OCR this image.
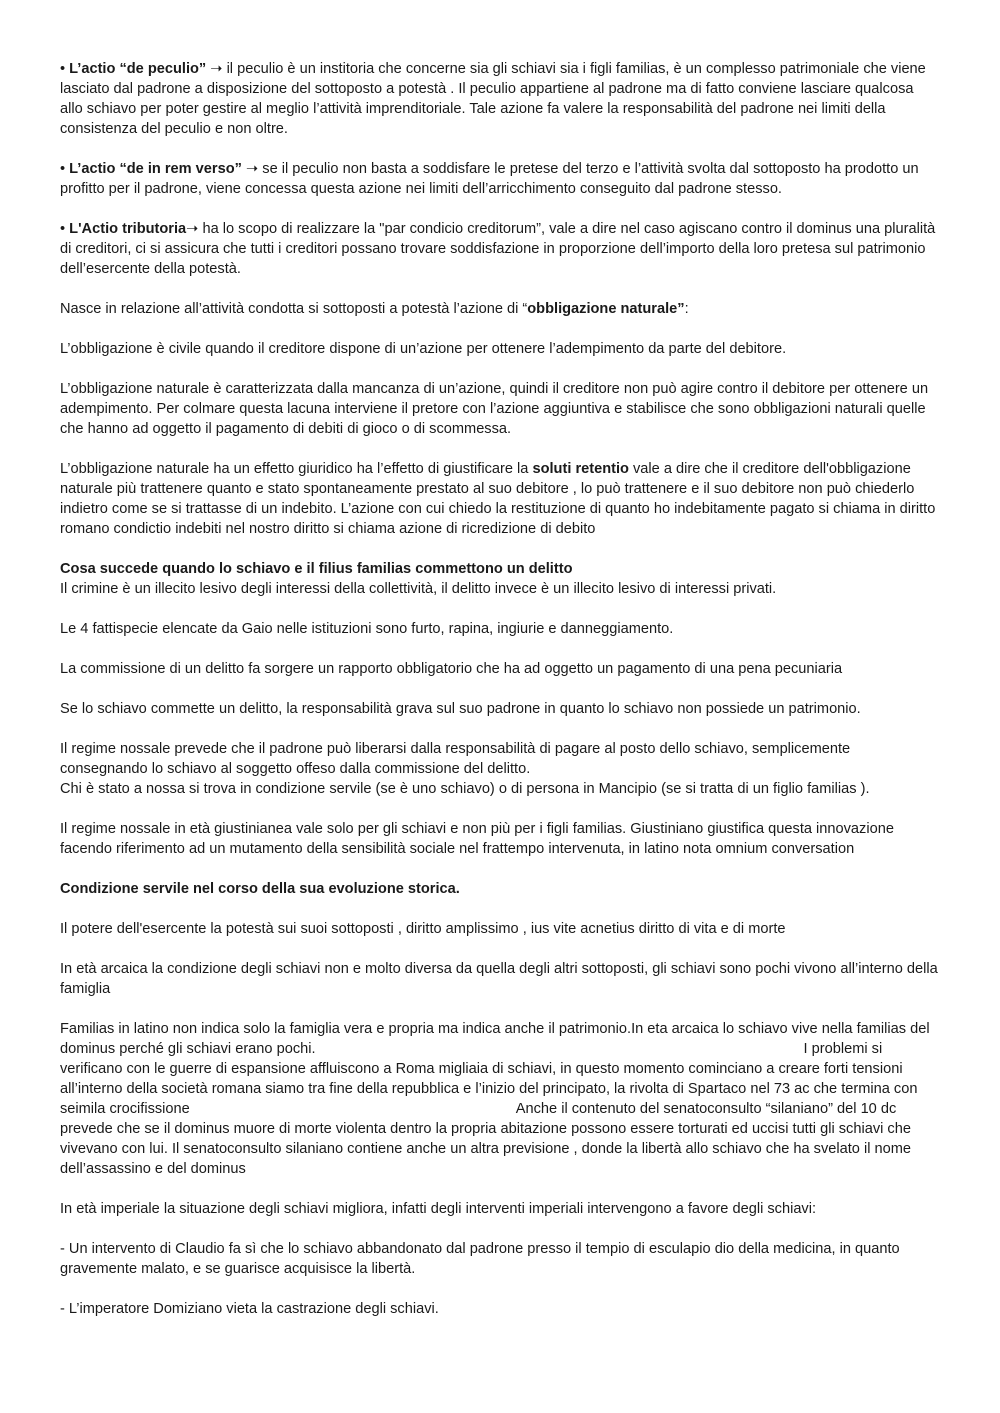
• L’actio “de peculio” ➝ il peculio è un institoria che concerne sia gli schiavi sia i figli familias, è un complesso patrimoniale che viene lasciato dal padrone a disposizione del sottoposto a potestà . Il peculio appartiene al padrone ma di fatto conviene lasciare qualcosa allo schiavo per poter gestire al meglio l’attività imprenditoriale. Tale azione fa valere la responsabilità del padrone nei limiti della consistenza del peculio e non oltre.

• L’actio “de in rem verso” ➝ se il peculio non basta a soddisfare le pretese del terzo e l’attività svolta dal sottoposto ha prodotto un profitto per il padrone, viene concessa questa azione nei limiti dell’arricchimento conseguito dal padrone stesso.

• L'Actio tributoria➝ ha lo scopo di realizzare la "par condicio creditorum”, vale a dire nel caso agiscano contro il dominus una pluralità di creditori, ci si assicura che tutti i creditori possano trovare soddisfazione in proporzione dell’importo della loro pretesa sul patrimonio dell’esercente della potestà.

Nasce in relazione all’attività condotta si sottoposti a potestà l’azione di “obbligazione naturale”:

L’obbligazione è civile quando il creditore dispone di un’azione per ottenere l’adempimento da parte del debitore.

L’obbligazione naturale è caratterizzata dalla mancanza di un’azione, quindi il creditore non può agire contro il debitore per ottenere un adempimento. Per colmare questa lacuna interviene il pretore con l’azione aggiuntiva e stabilisce che sono obbligazioni naturali quelle che hanno ad oggetto il pagamento di debiti di gioco o di scommessa.

L’obbligazione naturale ha un effetto giuridico ha l’effetto di giustificare la soluti retentio vale a dire che il creditore dell'obbligazione naturale più trattenere quanto e stato spontaneamente prestato al suo debitore , lo può trattenere e il suo debitore non può chiederlo indietro come se si trattasse di un indebito. L’azione con cui chiedo la restituzione di quanto ho indebitamente pagato si chiama in diritto romano condictio indebiti nel nostro diritto si chiama azione di ricredizione di debito

Cosa succede quando lo schiavo e il filius familias commettono un delitto

Il crimine è un illecito lesivo degli interessi della collettività, il delitto invece è un illecito lesivo di interessi privati.

Le 4 fattispecie elencate da Gaio nelle istituzioni sono furto, rapina, ingiurie e danneggiamento.

La commissione di un delitto fa sorgere un rapporto obbligatorio che ha ad oggetto un pagamento di una pena pecuniaria

Se lo schiavo commette un delitto, la responsabilità grava sul suo padrone in quanto lo schiavo non possiede un patrimonio.

Il regime nossale prevede che il padrone può liberarsi dalla responsabilità di pagare al posto dello schiavo, semplicemente consegnando lo schiavo al soggetto offeso dalla commissione del delitto.

Chi è stato a nossa si trova in condizione servile (se è uno schiavo) o di persona in Mancipio (se si tratta di un figlio familias ).

Il regime nossale in età giustinianea vale solo per gli schiavi e non più per i figli familias. Giustiniano giustifica questa innovazione facendo riferimento ad un mutamento della sensibilità sociale nel frattempo intervenuta, in latino nota omnium conversation

Condizione servile nel corso della sua evoluzione storica.

Il potere dell'esercente la potestà sui suoi sottoposti , diritto amplissimo , ius vite acnetius diritto di vita e di morte

In età arcaica la condizione degli schiavi non e molto diversa da quella degli altri sottoposti, gli schiavi sono pochi vivono all’interno della famiglia

Familias in latino non indica solo la famiglia vera e propria ma indica anche il patrimonio.In eta arcaica lo schiavo vive nella familias del dominus perché gli schiavi erano pochi.	I problemi si verificano con le guerre di espansione affluiscono a Roma migliaia di schiavi, in questo momento cominciano a creare forti tensioni all’interno della società romana siamo tra fine della repubblica e l’inizio del principato, la rivolta di Spartaco nel 73 ac che termina con seimila crocifissione	Anche il contenuto del senatoconsulto “silaniano” del 10 dc prevede che se il dominus muore di morte violenta dentro la propria abitazione possono essere torturati ed uccisi tutti gli schiavi che vivevano con lui. Il senatoconsulto silaniano contiene anche un altra previsione , donde la libertà allo schiavo che ha svelato il nome dell’assassino e del dominus

In età imperiale la situazione degli schiavi migliora, infatti degli interventi imperiali intervengono a favore degli schiavi:

- Un intervento di Claudio fa sì che lo schiavo abbandonato dal padrone presso il tempio di esculapio dio della medicina, in quanto gravemente malato, e se guarisce acquisisce la libertà.

- L’imperatore Domiziano vieta la castrazione degli schiavi.
